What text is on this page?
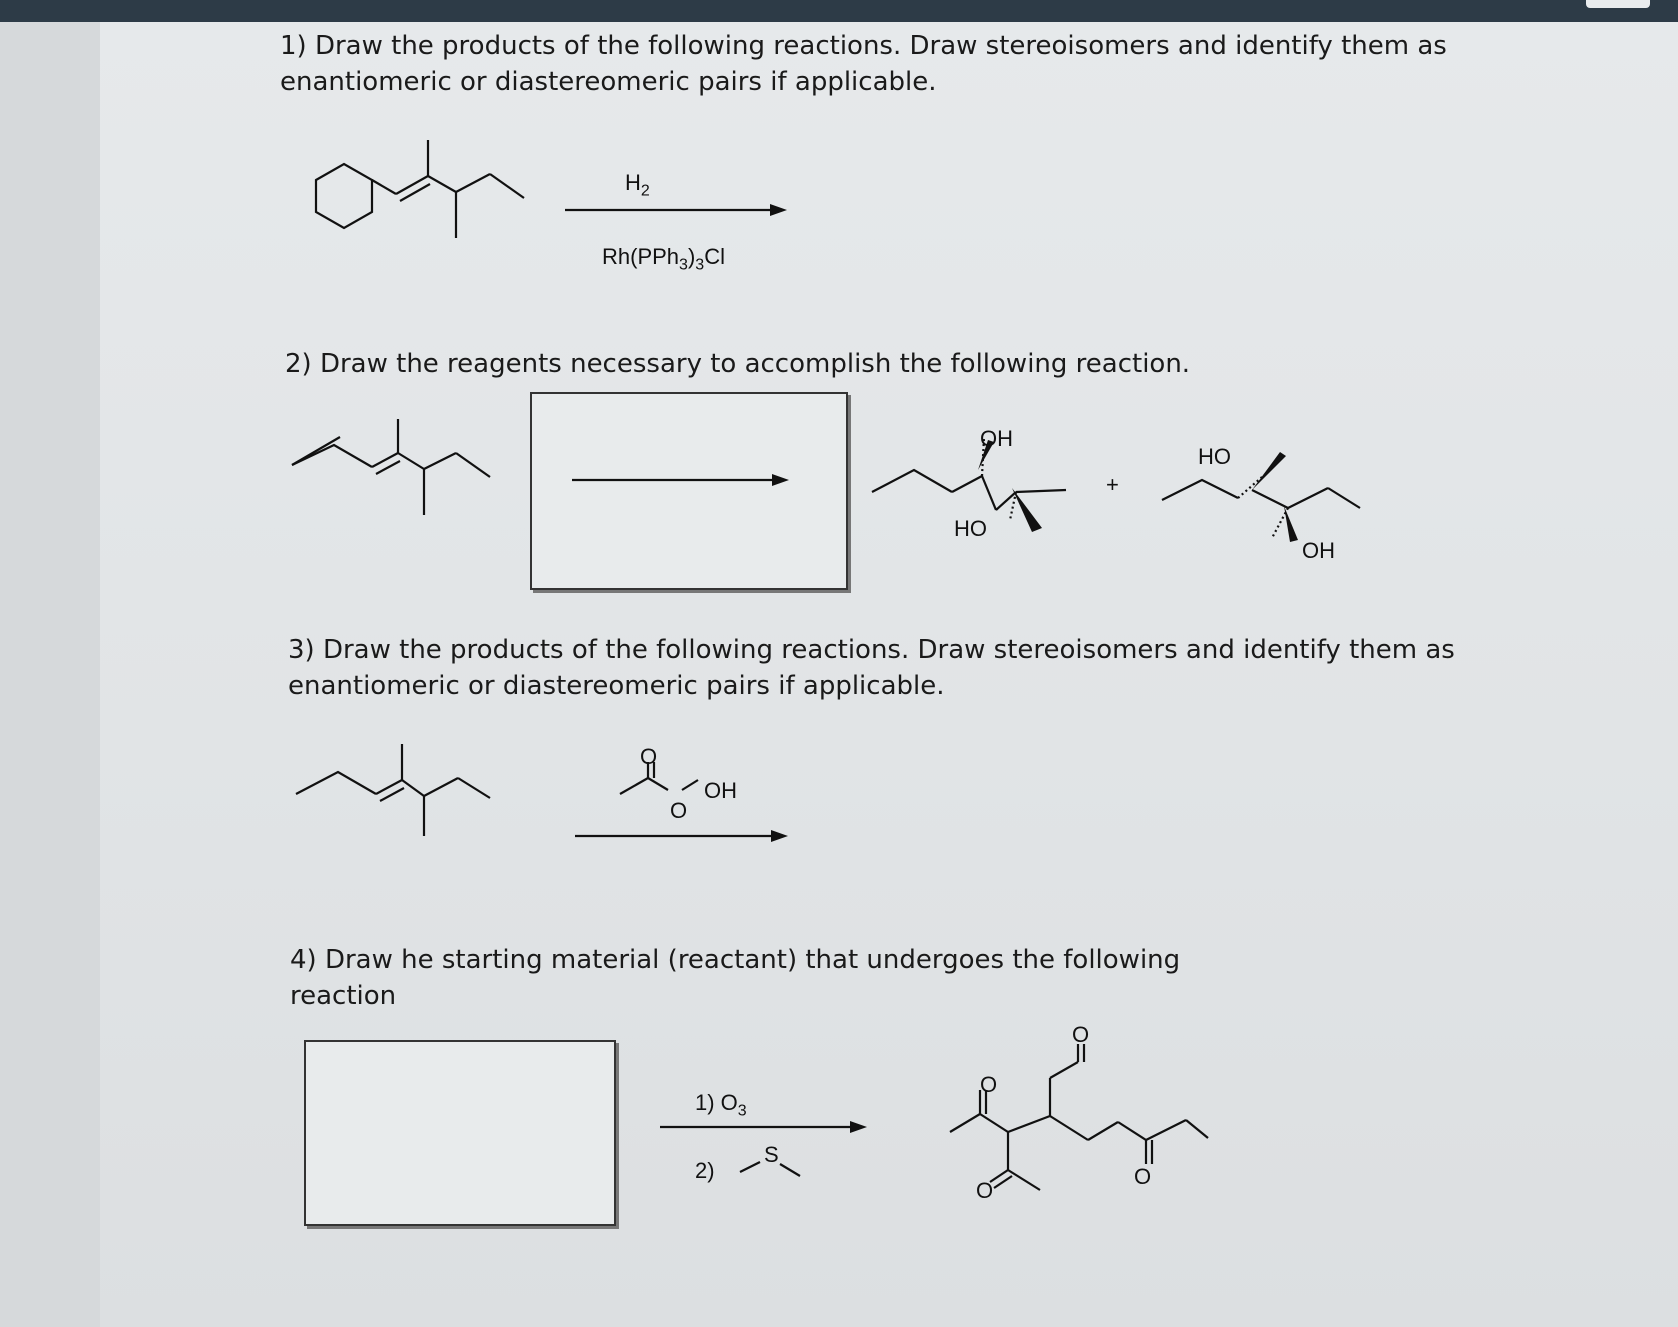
1) Draw the products of the following reactions. Draw stereoisomers and identify them as enantiomeric or diastereomeric pairs if applicable.
2) Draw the reagents necessary to accomplish the following reaction.
3) Draw the products of the following reactions. Draw stereoisomers and identify them as enantiomeric or diastereomeric pairs if applicable.
4) Draw he starting material (reactant) that undergoes the following reaction
$H_2$
$Rh(PPh_3)_3Cl$
OH
HO
+
HO
OH
O
O
OH
1) $O_3$
2)
S
O
O
O
O
